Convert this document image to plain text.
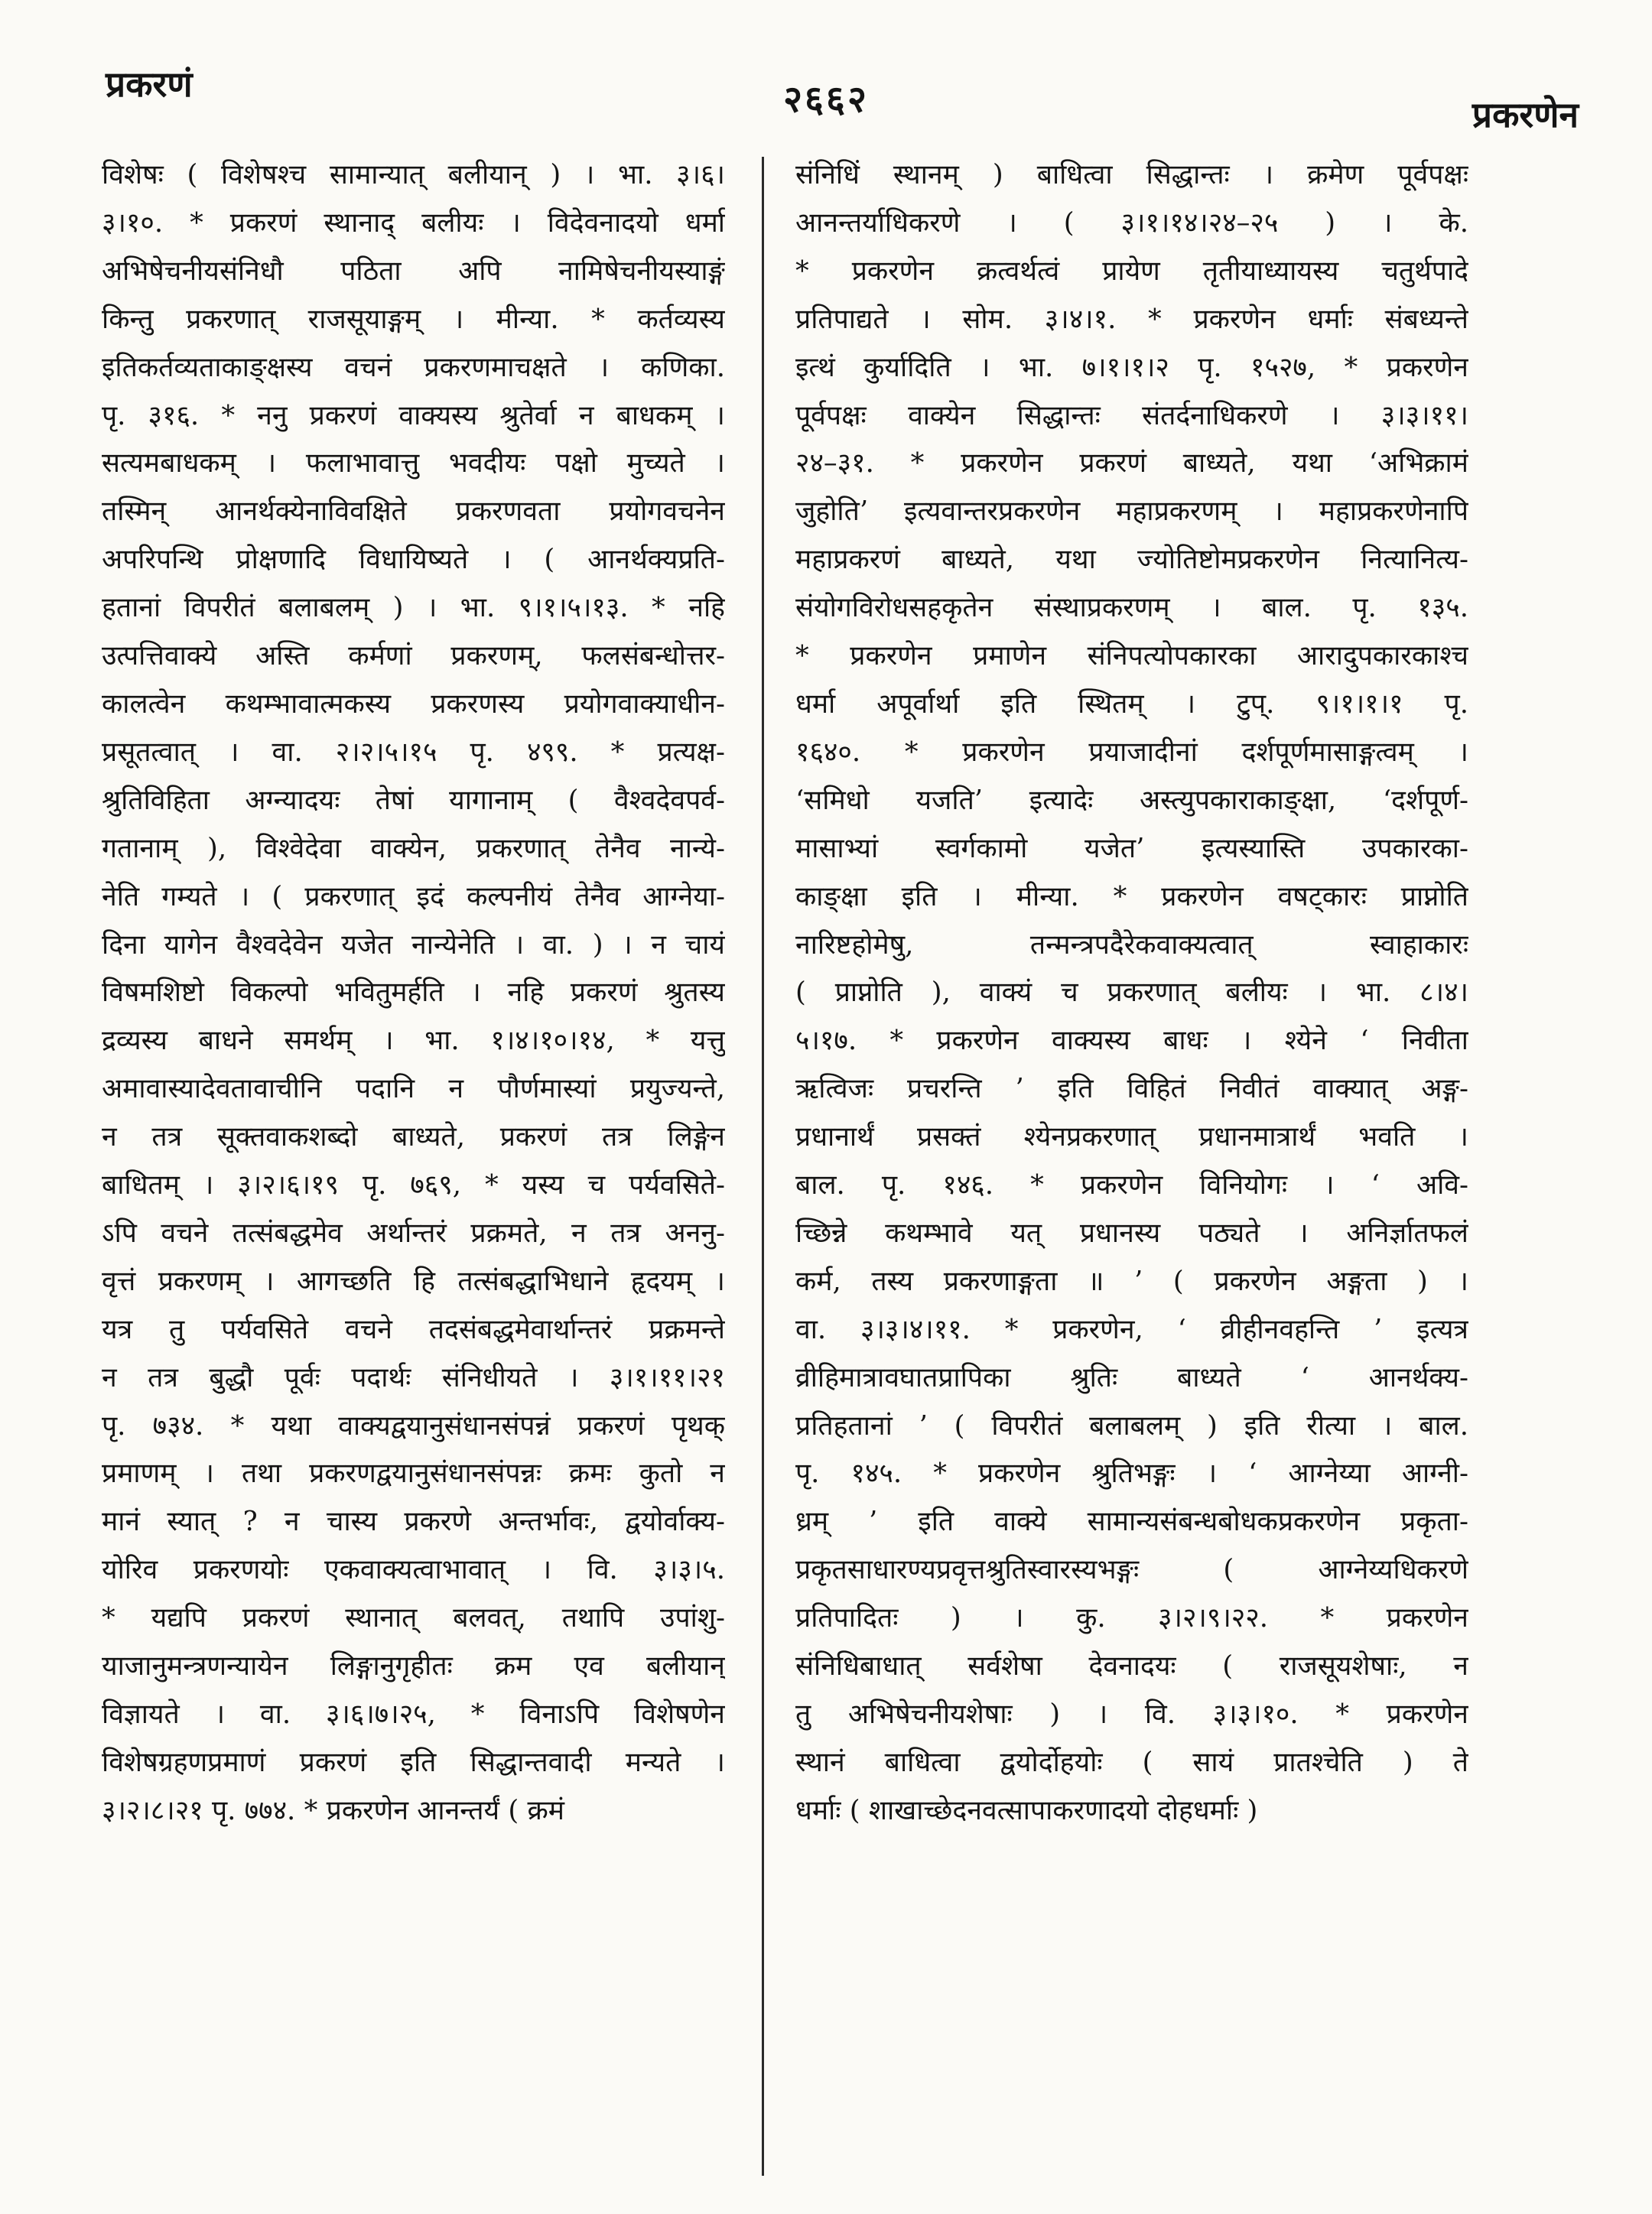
प्रकरणं	२६६२	प्रकरणेन
विशेषः ( विशेषश्च सामान्यात् बलीयान् ) । भा. ३।६।
३।१०. * प्रकरणं स्थानाद् बलीयः । विदेवनादयो धर्मा
अभिषेचनीयसंनिधौ पठिता अपि नामिषेचनीयस्याङ्गं
किन्तु प्रकरणात् राजसूयाङ्गम् । मीन्या. * कर्तव्यस्य
इतिकर्तव्यताकाङ्क्षस्य वचनं प्रकरणमाचक्षते । कणिका.
पृ. ३१६. * ननु प्रकरणं वाक्यस्य श्रुतेर्वा न बाधकम् ।
सत्यमबाधकम् । फलाभावात्तु भवदीयः पक्षो मुच्यते ।
तस्मिन् आनर्थक्येनाविवक्षिते प्रकरणवता प्रयोगवचनेन
अपरिपन्थि प्रोक्षणादि विधायिष्यते । ( आनर्थक्यप्रति-
हतानां विपरीतं बलाबलम् ) । भा. ९।१।५।१३. * नहि
उत्पत्तिवाक्ये अस्ति कर्मणां प्रकरणम्, फलसंबन्धोत्तर-
कालत्वेन कथम्भावात्मकस्य प्रकरणस्य प्रयोगवाक्याधीन-
प्रसूतत्वात् । वा. २।२।५।१५ पृ. ४९९. * प्रत्यक्ष-
श्रुतिविहिता अग्न्यादयः तेषां यागानाम् ( वैश्वदेवपर्व-
गतानाम् ), विश्वेदेवा वाक्येन, प्रकरणात् तेनैव नान्ये-
नेति गम्यते । ( प्रकरणात् इदं कल्पनीयं तेनैव आग्नेया-
दिना यागेन वैश्वदेवेन यजेत नान्येनेति । वा. ) । न चायं
विषमशिष्टो विकल्पो भवितुमर्हति । नहि प्रकरणं श्रुतस्य
द्रव्यस्य बाधने समर्थम् । भा. १।४।१०।१४, * यत्तु
अमावास्यादेवतावाचीनि पदानि न पौर्णमास्यां प्रयुज्यन्ते,
न तत्र सूक्तवाकशब्दो बाध्यते, प्रकरणं तत्र लिङ्गेन
बाधितम् । ३।२।६।१९ पृ. ७६९, * यस्य च पर्यवसिते-
ऽपि वचने तत्संबद्धमेव अर्थान्तरं प्रक्रमते, न तत्र अननु-
वृत्तं प्रकरणम् । आगच्छति हि तत्संबद्धाभिधाने हृदयम् ।
यत्र तु पर्यवसिते वचने तदसंबद्धमेवार्थान्तरं प्रक्रमन्ते
न तत्र बुद्धौ पूर्वः पदार्थः संनिधीयते । ३।१।११।२१
पृ. ७३४. * यथा वाक्यद्वयानुसंधानसंपन्नं प्रकरणं पृथक्
प्रमाणम् । तथा प्रकरणद्वयानुसंधानसंपन्नः क्रमः कुतो न
मानं स्यात् ? न चास्य प्रकरणे अन्तर्भावः, द्वयोर्वाक्य-
योरिव प्रकरणयोः एकवाक्यत्वाभावात् । वि. ३।३।५.
* यद्यपि प्रकरणं स्थानात् बलवत्, तथापि उपांशु-
याजानुमन्त्रणन्यायेन लिङ्गानुगृहीतः क्रम एव बलीयान्
विज्ञायते । वा. ३।६।७।२५, * विनाऽपि विशेषणेन
विशेषग्रहणप्रमाणं प्रकरणं इति सिद्धान्तवादी मन्यते ।
३।२।८।२१ पृ. ७७४. * प्रकरणेन आनन्तर्यं ( क्रमं
संनिधिं स्थानम् ) बाधित्वा सिद्धान्तः । क्रमेण पूर्वपक्षः
आनन्तर्याधिकरणे । ( ३।१।१४।२४–२५ ) । के.
* प्रकरणेन क्रत्वर्थत्वं प्रायेण तृतीयाध्यायस्य चतुर्थपादे
प्रतिपाद्यते । सोम. ३।४।१. * प्रकरणेन धर्माः संबध्यन्ते
इत्थं कुर्यादिति । भा. ७।१।१।२ पृ. १५२७, * प्रकरणेन
पूर्वपक्षः वाक्येन सिद्धान्तः संतर्दनाधिकरणे । ३।३।११।
२४–३१. * प्रकरणेन प्रकरणं बाध्यते, यथा ‘अभिक्रामं
जुहोति’ इत्यवान्तरप्रकरणेन महाप्रकरणम् । महाप्रकरणेनापि
महाप्रकरणं बाध्यते, यथा ज्योतिष्टोमप्रकरणेन नित्यानित्य-
संयोगविरोधसहकृतेन संस्थाप्रकरणम् । बाल. पृ. १३५.
* प्रकरणेन प्रमाणेन संनिपत्योपकारका आरादुपकारकाश्च
धर्मा अपूर्वार्था इति स्थितम् । टुप्. ९।१।१।१ पृ.
१६४०. * प्रकरणेन प्रयाजादीनां दर्शपूर्णमासाङ्गत्वम् ।
‘समिधो यजति’ इत्यादेः अस्त्युपकाराकाङ्क्षा, ‘दर्शपूर्ण-
मासाभ्यां स्वर्गकामो यजेत’ इत्यस्यास्ति उपकारका-
काङ्क्षा इति । मीन्या. * प्रकरणेन वषट्कारः प्राप्नोति
नारिष्टहोमेषु, तन्मन्त्रपदैरेकवाक्यत्वात् स्वाहाकारः
( प्राप्नोति ), वाक्यं च प्रकरणात् बलीयः । भा. ८।४।
५।१७. * प्रकरणेन वाक्यस्य बाधः । श्येने ‘ निवीता
ऋत्विजः प्रचरन्ति ’ इति विहितं निवीतं वाक्यात् अङ्ग-
प्रधानार्थं प्रसक्तं श्येनप्रकरणात् प्रधानमात्रार्थं भवति ।
बाल. पृ. १४६. * प्रकरणेन विनियोगः । ‘ अवि-
च्छिन्ने कथम्भावे यत् प्रधानस्य पठ्यते । अनिर्ज्ञातफलं
कर्म, तस्य प्रकरणाङ्गता ॥ ’ ( प्रकरणेन अङ्गता ) ।
वा. ३।३।४।११. * प्रकरणेन, ‘ व्रीहीनवहन्ति ’ इत्यत्र
व्रीहिमात्रावघातप्रापिका श्रुतिः बाध्यते ‘ आनर्थक्य-
प्रतिहतानां ’ ( विपरीतं बलाबलम् ) इति रीत्या । बाल.
पृ. १४५. * प्रकरणेन श्रुतिभङ्गः । ‘ आग्नेय्या आग्नी-
ध्रम् ’ इति वाक्ये सामान्यसंबन्धबोधकप्रकरणेन प्रकृता-
प्रकृतसाधारण्यप्रवृत्तश्रुतिस्वारस्यभङ्गः ( आग्नेय्यधिकरणे
प्रतिपादितः ) । कु. ३।२।९।२२. * प्रकरणेन
संनिधिबाधात् सर्वशेषा देवनादयः ( राजसूयशेषाः, न
तु अभिषेचनीयशेषाः ) । वि. ३।३।१०. * प्रकरणेन
स्थानं बाधित्वा द्वयोर्दोहयोः ( सायं प्रातश्चेति ) ते
धर्माः ( शाखाच्छेदनवत्सापाकरणादयो दोहधर्माः )
